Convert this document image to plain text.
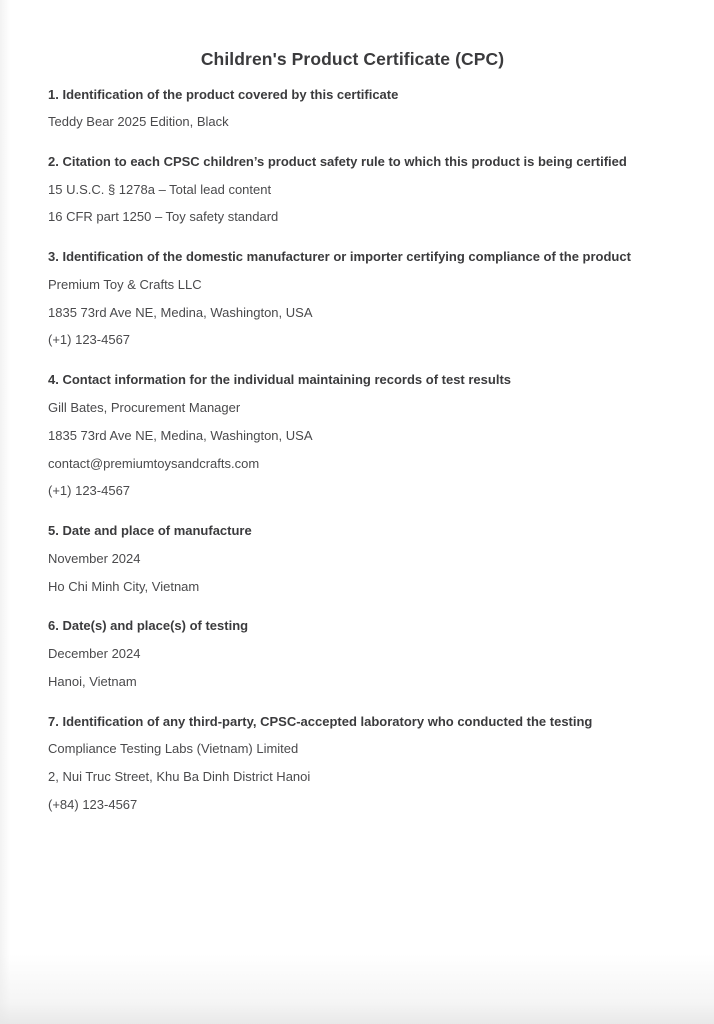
Children's Product Certificate (CPC)
1. Identification of the product covered by this certificate
Teddy Bear 2025 Edition, Black
2. Citation to each CPSC children’s product safety rule to which this product is being certified
15 U.S.C. § 1278a – Total lead content
16 CFR part 1250 – Toy safety standard
3. Identification of the domestic manufacturer or importer certifying compliance of the product
Premium Toy & Crafts LLC
1835 73rd Ave NE, Medina, Washington, USA
(+1) 123-4567
4. Contact information for the individual maintaining records of test results
Gill Bates, Procurement Manager
1835 73rd Ave NE, Medina, Washington, USA
contact@premiumtoysandcrafts.com
(+1) 123-4567
5. Date and place of manufacture
November 2024
Ho Chi Minh City, Vietnam
6. Date(s) and place(s) of testing
December 2024
Hanoi, Vietnam
7. Identification of any third-party, CPSC-accepted laboratory who conducted the testing
Compliance Testing Labs (Vietnam) Limited
2, Nui Truc Street, Khu Ba Dinh District Hanoi
(+84) 123-4567
